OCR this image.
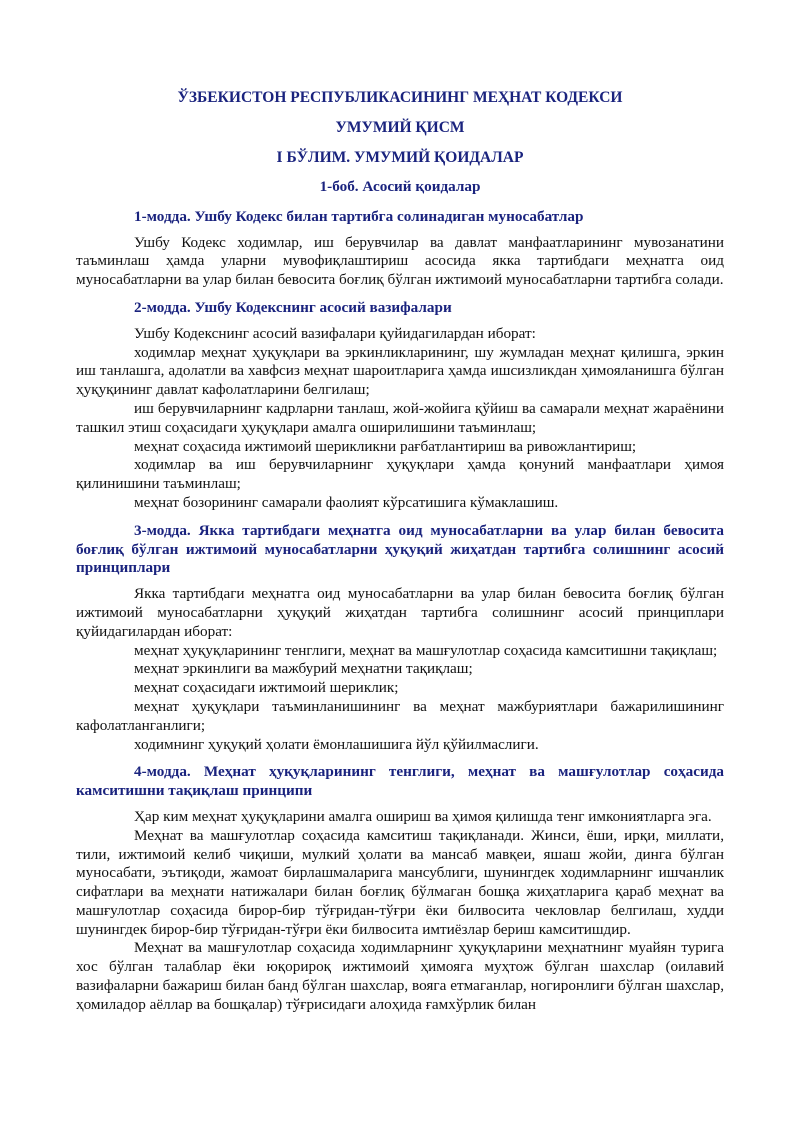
ЎЗБЕКИСТОН РЕСПУБЛИКАСИНИНГ МЕҲНАТ КОДЕКСИ
УМУМИЙ ҚИСМ
I БЎЛИМ. УМУМИЙ ҚОИДАЛАР
1-боб. Асосий қоидалар
1-модда. Ушбу Кодекс билан тартибга солинадиган муносабатлар

Ушбу Кодекс ходимлар, иш берувчилар ва давлат манфаатларининг мувозанатини таъминлаш ҳамда уларни мувофиқлаштириш асосида якка тартибдаги меҳнатга оид муносабатларни ва улар билан бевосита боғлиқ бўлган ижтимоий муносабатларни тартибга солади.

2-модда. Ушбу Кодекснинг асосий вазифалари

Ушбу Кодекснинг асосий вазифалари қуйидагилардан иборат:

ходимлар меҳнат ҳуқуқлари ва эркинликларининг, шу жумладан меҳнат қилишга, эркин иш танлашга, адолатли ва хавфсиз меҳнат шароитларига ҳамда ишсизликдан ҳимояланишга бўлган ҳуқуқининг давлат кафолатларини белгилаш;

иш берувчиларнинг кадрларни танлаш, жой-жойига қўйиш ва самарали меҳнат жараёнини ташкил этиш соҳасидаги ҳуқуқлари амалга оширилишини таъминлаш;

меҳнат соҳасида ижтимоий шерикликни рағбатлантириш ва ривожлантириш;

ходимлар ва иш берувчиларнинг ҳуқуқлари ҳамда қонуний манфаатлари ҳимоя қилинишини таъминлаш;

меҳнат бозорининг самарали фаолият кўрсатишига кўмаклашиш.

3-модда. Якка тартибдаги меҳнатга оид муносабатларни ва улар билан бевосита боғлиқ бўлган ижтимоий муносабатларни ҳуқуқий жиҳатдан тартибга солишнинг асосий принциплари

Якка тартибдаги меҳнатга оид муносабатларни ва улар билан бевосита боғлиқ бўлган ижтимоий муносабатларни ҳуқуқий жиҳатдан тартибга солишнинг асосий принциплари қуйидагилардан иборат:

меҳнат ҳуқуқларининг тенглиги, меҳнат ва машғулотлар соҳасида камситишни тақиқлаш;

меҳнат эркинлиги ва мажбурий меҳнатни тақиқлаш;

меҳнат соҳасидаги ижтимоий шериклик;

меҳнат ҳуқуқлари таъминланишининг ва меҳнат мажбуриятлари бажарилишининг кафолатланганлиги;

ходимнинг ҳуқуқий ҳолати ёмонлашишига йўл қўйилмаслиги.

4-модда. Меҳнат ҳуқуқларининг тенглиги, меҳнат ва машғулотлар соҳасида камситишни тақиқлаш принципи

Ҳар ким меҳнат ҳуқуқларини амалга ошириш ва ҳимоя қилишда тенг имкониятларга эга.

Меҳнат ва машғулотлар соҳасида камситиш тақиқланади. Жинси, ёши, ирқи, миллати, тили, ижтимоий келиб чиқиши, мулкий ҳолати ва мансаб мавқеи, яшаш жойи, динга бўлган муносабати, эътиқоди, жамоат бирлашмаларига мансублиги, шунингдек ходимларнинг ишчанлик сифатлари ва меҳнати натижалари билан боғлиқ бўлмаган бошқа жиҳатларига қараб меҳнат ва машғулотлар соҳасида бирор-бир тўғридан-тўғри ёки билвосита чекловлар белгилаш, худди шунингдек бирор-бир тўғридан-тўғри ёки билвосита имтиёзлар бериш камситишдир.

Меҳнат ва машғулотлар соҳасида ходимларнинг ҳуқуқларини меҳнатнинг муайян турига хос бўлган талаблар ёки юқорироқ ижтимоий ҳимояга муҳтож бўлган шахслар (оилавий вазифаларни бажариш билан банд бўлган шахслар, вояга етмаганлар, ногиронлиги бўлган шахслар, ҳомиладор аёллар ва бошқалар) тўғрисидаги алоҳида ғамхўрлик билан
